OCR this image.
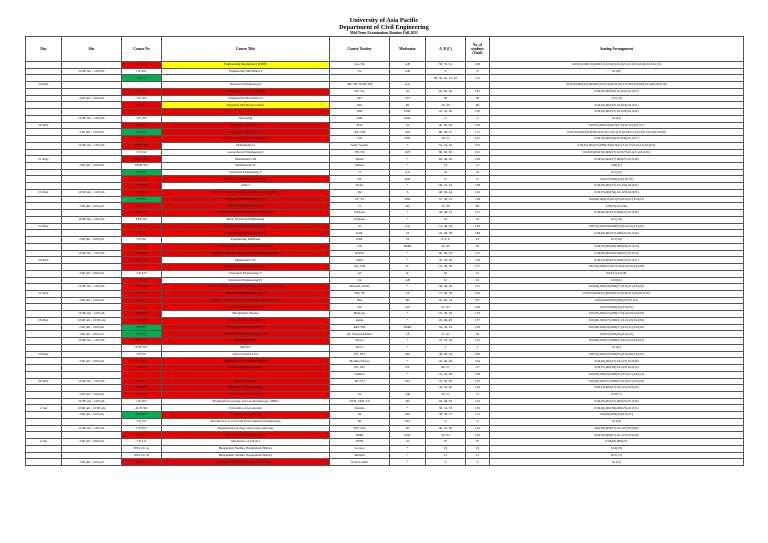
University of Asia Pacific
Department of Civil Engineering
Mid Term Examination Routine Fall 2021
Day	Slot	Course No	Course Title	Course Teacher	Moderator	A, B (C)	No. of students (Total)	Seating Arrangement
		CE 101	Engineering Mechanics I (OBE)	AA, SR	AB	58, 55, 61	169	610(19),602(19),609(21),613(21),612(21),511(21),610(20),611(15)
	10:00 am - 1:00 pm	CE 101	Engineering Mechanics I	SS	AB	6	6	611(6)
		CE 211				80, 59, 42, 37, 42	212	
19-May			Structural Engineering I	AB, SH, NNB, FM	AA			610(19),602(19),609(20),613(19),612(19),511(20),610(20),611(20),610(18)
		CE 211	Mechanics of Solids I (OBE)	NZ, SA	AI	65, 60, 56	181	610(20),602(20),613(22),611(27)
	2:00 pm - 5:00 pm	CE 105	Engineering Mechanics II	MT	SN	59	59	511(19)
		CE 401	Irrigation and Flood Control	MZ	DI	56, 40	96	610(20),602(27),613(18),611(31)
				SMI	DAT	45, 45, 40	130	610(20),602(27),613(29),611(20)
	10:00 am - 1:00 pm	CE 103	Surveying	SMI	DAT	2	2	611(2)
20-May		CE 223	Mechanics of Solids II	SDS	IA	40, 40, 40	120	610(35),602(30),613(27),611(32),611(17)
	2:00 pm - 5:00 pm	CE 331	Structural Engineering II	AR, NB	AN	60, 46, 37	171	610(20),602(20),609(21),613(17),611(21),610(21),611(20),511(20),610(9)
		CE 401	Project Planning and Management	UD	KH	50, 51	101	610(19),602(19),613(36),611(27)
	10:00 am - 1:00 pm	MTH 101	Mathematics I	Sajal, Saquer	*	52, 54, 49	155	610(35),602(27),609(18),613(21),511(17),611(21),612(16)
		CE 341	Geotechnical Engineering I	TH, NS	KH	60, 65, 66	191	610(40),602(36),609(27),613(27),611(21),612(20)
21-May		MTH 203	Mathematics III	Tahsin	*	62, 46, 20	128	610(20),602(27),609(27),611(30)
	2:00 pm - 5:00 pm	MTH 201	Mathematics II	Sumon	*	13	21	609(11)
		CE 413	Structural Engineering V	JI	AA	22	22	611(22)
		CE 451	Environmental Engineering IV	NT	NM	77	77	610(25),602(34),611(18)
		CE 202	Statics	Nafis	*	49, 47, 42	138	610(40),602(27),611(32),612(22)
23-May	10:00 am - 1:00 pm	CE 203	Numerical Analysis and Computer Programming	ZR	S	48, 30, 44	122	610(35),602(34),611(23),612(30)
		CE 351	Environmental Engineering II	TF, TT	NM	57, 50, 51	158	610(40),602(35),611(25),612(27),613(31)
	2:00 pm - 5:00 pm	CE 437	Structural Engineering VI	JI	SR	33, 36	69	610(35),611(34)
		EEE 201	Basic Electrical and Electronic Engineering	Farhana	*	56, 48, 47	151	610(40),602(27),609(27),611(29)
	10:00 am - 1:00 pm	EEE 201	Basic Electrical Engineering	Farhana	*	10	10	611(10)
25-May		CE 311	Design of Concrete Structures I	SJ	AA	51, 49, 49	149	610(35),602(36),609(33),611(23),613(22)
		CE 321	Engineering Materials (OBE)	DAT	SI	45, 66, 58	169	610(40),602(27),609(27),611(40)
	2:00 pm - 5:00 pm	CE 201	Engineering Materials	DAT	SI	8, 6, 6	19	611(19)
		CE 403	Professional Practices and Communication	UD	DMR	50, 45	95	610(35),602(26),609(18),611(16)
	10:00 am - 1:00 pm	HSS 101	English Communication and Comprehension (OBE)	Nazrul	*	60, 46, 45	151	610(40),602(26),609(27),611(25)
26-May		MTH 403	Mathematics IV	Zakir	*	35, 36, 48	119	610(35),602(27),609(27),611(27)
		CE 371	Design of Concrete Structures II	AA, FM	R	52, 58, 36	157	602(34),609(27),611(20),612(29),613(29)
	2:00 pm - 5:00 pm	CE 423	Structural Engineering V	AJ	R	29	31	602(31),611(8)
		CE 423	Structural Engineering IV	IA	AB	61	61	610(61)
	10:00 am - 1:00 pm	HSS 103	History of Bangladesh Independence, Society and Culture	Mustafa, Kabir	*	58, 49, 50	157	610(40),602(36),609(27),611(27),612(27)
27-May		CE 331	Environmental Engineering I	NM, TF	TT	57, 49, 56	162	610(35),602(35),609(20),613(18),611(24),612(30)
	2:00 pm - 5:00 pm	CE 207	Material Science and Environmental Sustainability	MA	SR	45, 46, 16	107	610(40),602(36),609(27),611(4)
		CE 441	Geotechnical Engineering II	SN	AN	55, 45	100	610(35),602(36),611(29)
	10:00 am - 1:00 pm	HSS 211	Bangladesh Studies	Bhuiyan	*	47, 46, 40	133	610(35),602(27),609(27),611(22),612(23)
28-May	10:00 am - 12:00 pm	HSS 201	Principles of Economics	Asma	*	45, 46, 46	137	610(40),602(27),609(21),611(19),612(30)
	2:00 pm - 5:00 pm	CE 361	Transportation Engineering I	RM, FM	DMR	54, 39, 43	136	610(40),602(26),609(27),611(21),612(22)
	2:00 pm - 4:00 pm	CE 315	Environmental Engineering VIII	Dr. Sayeed Ahmed	TF	53, 41	94	610(35),602(36),611(23)
	10:00 am - 1:00 pm	PHY 101	Physics I (OBE)	Shova	*	53, 53, 49	155	610(40),602(27),609(27),611(34),612(27)
		PHY 101	Physics	Shova	*	2	2	611(2)
29-May		CE 301	Open Channel Flow	NT, FTJ	MZ	48, 63, 49	160	610(35),602(34),609(35),611(28),612(27)
	2:00 pm - 5:00 pm	ACN 201	Principles of Accounting (OBE)	Monika Nawaz	*	42, 46, 46	134	610(40),602(27),611(27),612(20)
		CE 411	Structural Engineering IV	NZ, MT	NZ	60, 57	117	610(35),602(36),611(23),612(23)
				Fahmid	*	45, 45, 48	138	610(35),602(36),609(27),611(27),612(13)
30-May	10:00 am - 1:00 pm	CE 221	Fluid Mechanics	JR, FTJ	SAS	52, 55, 46	153	610(40),602(27),609(27),611(27),612(32)
		HSS 403	Principles of Management			58, 32, 40	124	602(34),609(27),611(27),612(36)
	2:00 pm - 5:00 pm	CE 435	Structural Engineering VII	IA	AR	56, 21	77	610(77)
	10:00 am - 1:00 pm	CE 305	Engineering Geology and Geomorphology (OBE)	NZN, SMI, TT	DI	42, 46, 36	124	610(40),602(27),609(27),611(30)
1-Jun	10:00 am - 12:00 pm	ACN 301	Principles of Accounting	Nandan	*	58, 41, 33	132	610(40),602(36),609(25),611(31)
	2:00 pm - 5:00 pm	CE 403	Engineering Hydrology	DI	MZ	38, 36, 37	111	610(40),602(34),611(37)
		CE 197	Introduction to Civil and Environmental Engineering	DI	SAS	4	4	611(4)
	10:00 am - 1:00 pm	CE 203	Engineering Geology and Geomorphology	SH, SAS	DI	46, 47, 50	143	602(36),609(27),611(27),612(29)
		CE 455	Transportation Engineering II	DMR	DAT	56, 64	120	602(36),609(27),611(27),612(30)
2-Jun	2:00 pm - 5:00 pm	CE 211	Mechanics of Solids I	NNB	SJ	67	67	610(40),609(27)
		HSS 211 A	Bangladesh Studies: Bangladesh History	Lovaya	*	19	19	610(19)
		HSS 211 B	Bangladesh Studies: Bangladesh History	Mohsin	*	13	13	611(13)
	2:00 pm - 5:00 pm	HSS 211	Bangladesh Studies: Bangladesh Society	Nazrul Alam	*	3	3	611(3)
